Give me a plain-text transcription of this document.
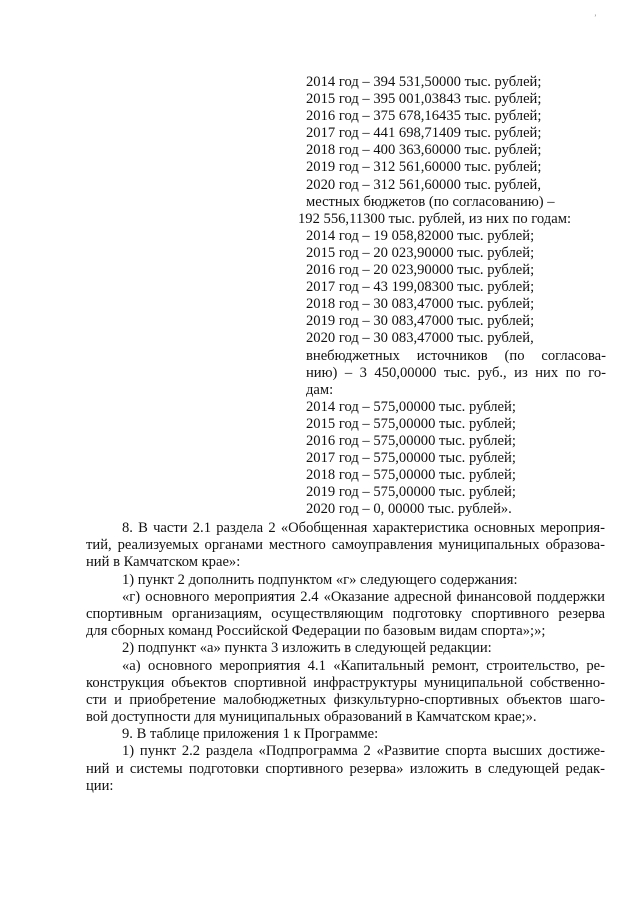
ʼ
2014 год – 394 531,50000 тыс. рублей;
2015 год – 395 001,03843 тыс. рублей;
2016 год – 375 678,16435 тыс. рублей;
2017 год – 441 698,71409 тыс. рублей;
2018 год – 400 363,60000 тыс. рублей;
2019 год – 312 561,60000 тыс. рублей;
2020 год – 312 561,60000 тыс. рублей,
местных бюджетов (по согласованию) –
192 556,11300 тыс. рублей, из них по годам:
2014 год – 19 058,82000 тыс. рублей;
2015 год – 20 023,90000 тыс. рублей;
2016 год – 20 023,90000 тыс. рублей;
2017 год – 43 199,08300 тыс. рублей;
2018 год – 30 083,47000 тыс. рублей;
2019 год – 30 083,47000 тыс. рублей;
2020 год – 30 083,47000 тыс. рублей,
внебюджетных источников (по согласова-
нию) – 3 450,00000 тыс. руб., из них по го-
дам:
2014 год – 575,00000 тыс. рублей;
2015 год – 575,00000 тыс. рублей;
2016 год – 575,00000 тыс. рублей;
2017 год – 575,00000 тыс. рублей;
2018 год – 575,00000 тыс. рублей;
2019 год – 575,00000 тыс. рублей;
2020 год – 0, 00000 тыс. рублей».
8. В части 2.1 раздела 2 «Обобщенная характеристика основных мероприя-
тий, реализуемых органами местного самоуправления муниципальных образова-
ний в Камчатском крае»:
1) пункт 2 дополнить подпунктом «г» следующего содержания:
«г) основного мероприятия 2.4 «Оказание адресной финансовой поддержки
спортивным организациям, осуществляющим подготовку спортивного резерва
для сборных команд Российской Федерации по базовым видам спорта»;»;
2) подпункт «а» пункта 3 изложить в следующей редакции:
«а) основного мероприятия 4.1 «Капитальный ремонт, строительство, ре-
конструкция объектов спортивной инфраструктуры муниципальной собственно-
сти и приобретение малобюджетных физкультурно-спортивных объектов шаго-
вой доступности для муниципальных образований в Камчатском крае;».
9. В таблице приложения 1 к Программе:
1) пункт 2.2 раздела «Подпрограмма 2 «Развитие спорта высших достиже-
ний и системы подготовки спортивного резерва» изложить в следующей редак-
ции:
